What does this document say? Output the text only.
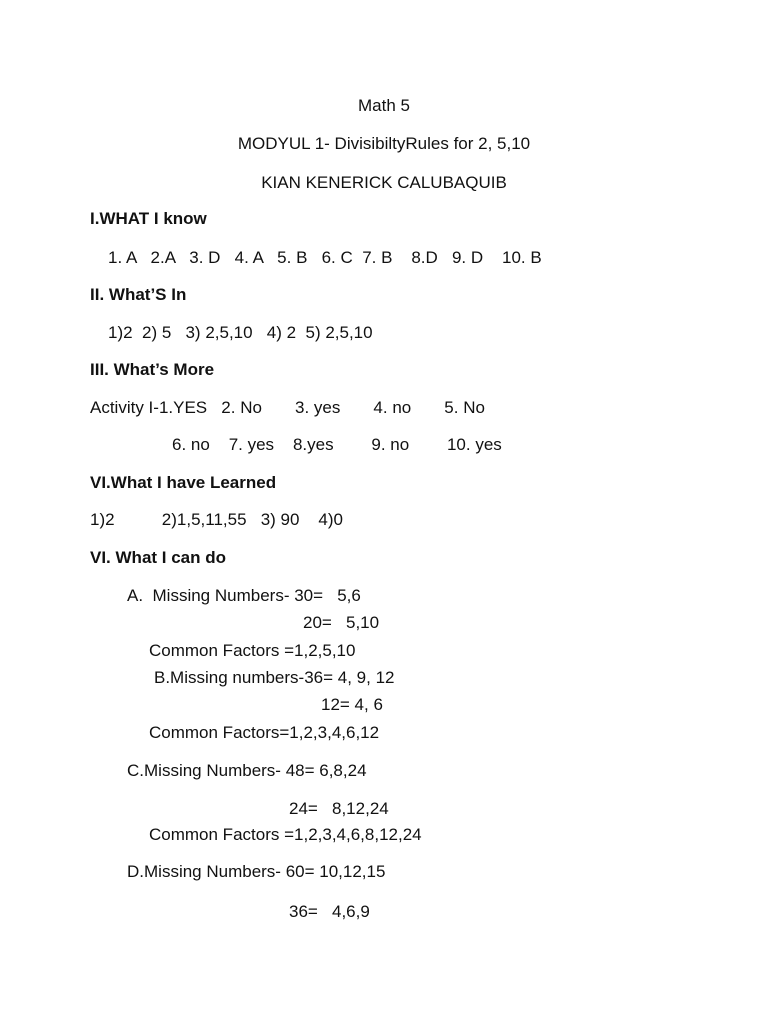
Math 5
MODYUL 1- DivisibiltyRules for 2, 5,10
KIAN KENERICK CALUBAQUIB
I.WHAT I know
1. A   2.A   3. D   4. A   5. B   6. C  7. B    8.D   9. D    10. B
II. What’S In
1)2  2) 5   3) 2,5,10   4) 2  5) 2,5,10
III. What’s More
Activity I-1.YES   2. No       3. yes       4. no       5. No
6. no    7. yes    8.yes        9. no        10. yes
VI.What I have Learned
1)2          2)1,5,11,55   3) 90    4)0
VI. What I can do
A.  Missing Numbers- 30=   5,6
20=   5,10
Common Factors =1,2,5,10
B.Missing numbers-36= 4, 9, 12
12= 4, 6
Common Factors=1,2,3,4,6,12
C.Missing Numbers- 48= 6,8,24
24=   8,12,24
Common Factors =1,2,3,4,6,8,12,24
D.Missing Numbers- 60= 10,12,15
36=   4,6,9
